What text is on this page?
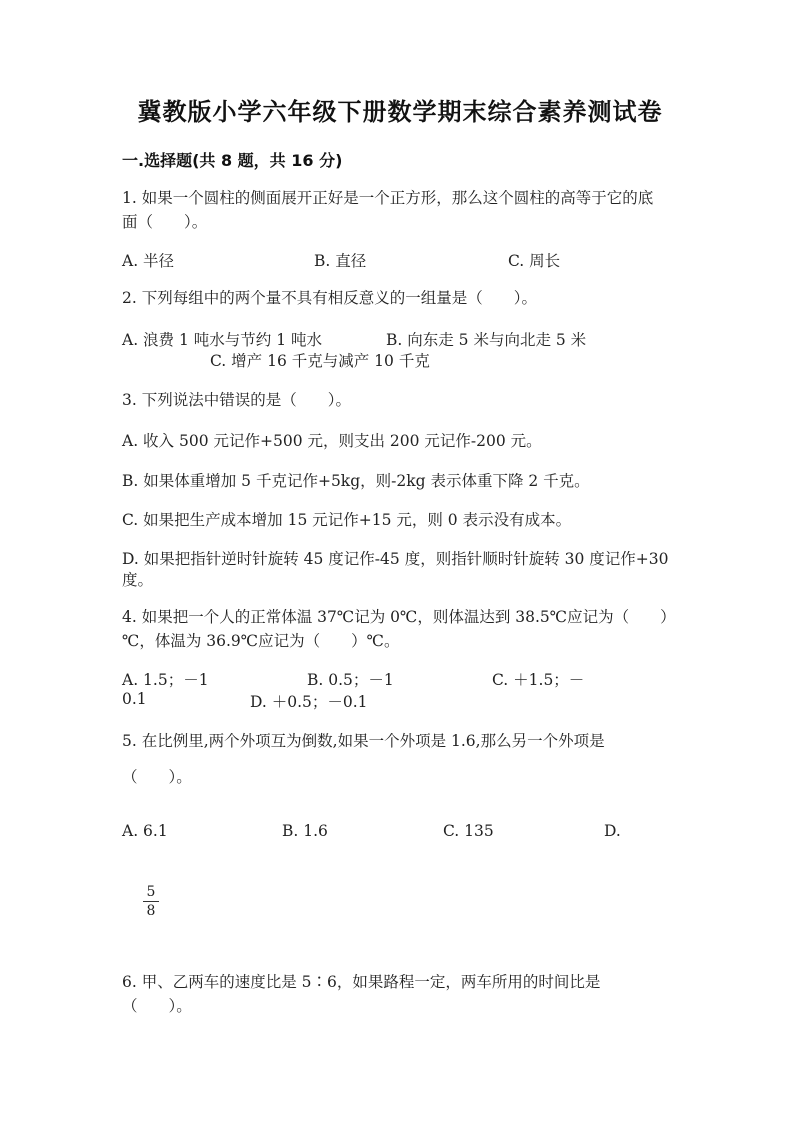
冀教版小学六年级下册数学期末综合素养测试卷
一.选择题(共 8 题，共 16 分)
1. 如果一个圆柱的侧面展开正好是一个正方形，那么这个圆柱的高等于它的底
面（　　）。
A. 半径	B. 直径	C. 周长
2. 下列每组中的两个量不具有相反意义的一组量是（　　）。
A. 浪费 1 吨水与节约 1 吨水	B. 向东走 5 米与向北走 5 米
C. 增产 16 千克与减产 10 千克
3. 下列说法中错误的是（　　）。
A. 收入 500 元记作+500 元，则支出 200 元记作-200 元。
B. 如果体重增加 5 千克记作+5kg，则-2kg 表示体重下降 2 千克。
C. 如果把生产成本增加 15 元记作+15 元，则 0 表示没有成本。
D. 如果把指针逆时针旋转 45 度记作-45 度，则指针顺时针旋转 30 度记作+30
度。
4. 如果把一个人的正常体温 37℃记为 0℃，则体温达到 38.5℃应记为（　　）
℃，体温为 36.9℃应记为（　　）℃。
A. 1.5；－1	B. 0.5；－1	C. ＋1.5；－
0.1	D. ＋0.5；－0.1
5. 在比例里,两个外项互为倒数,如果一个外项是 1.6,那么另一个外项是
（　　）。
A. 6.1	B. 1.6	C. 135	D.
5
8
6. 甲、乙两车的速度比是 5∶6，如果路程一定，两车所用的时间比是
（　　）。
